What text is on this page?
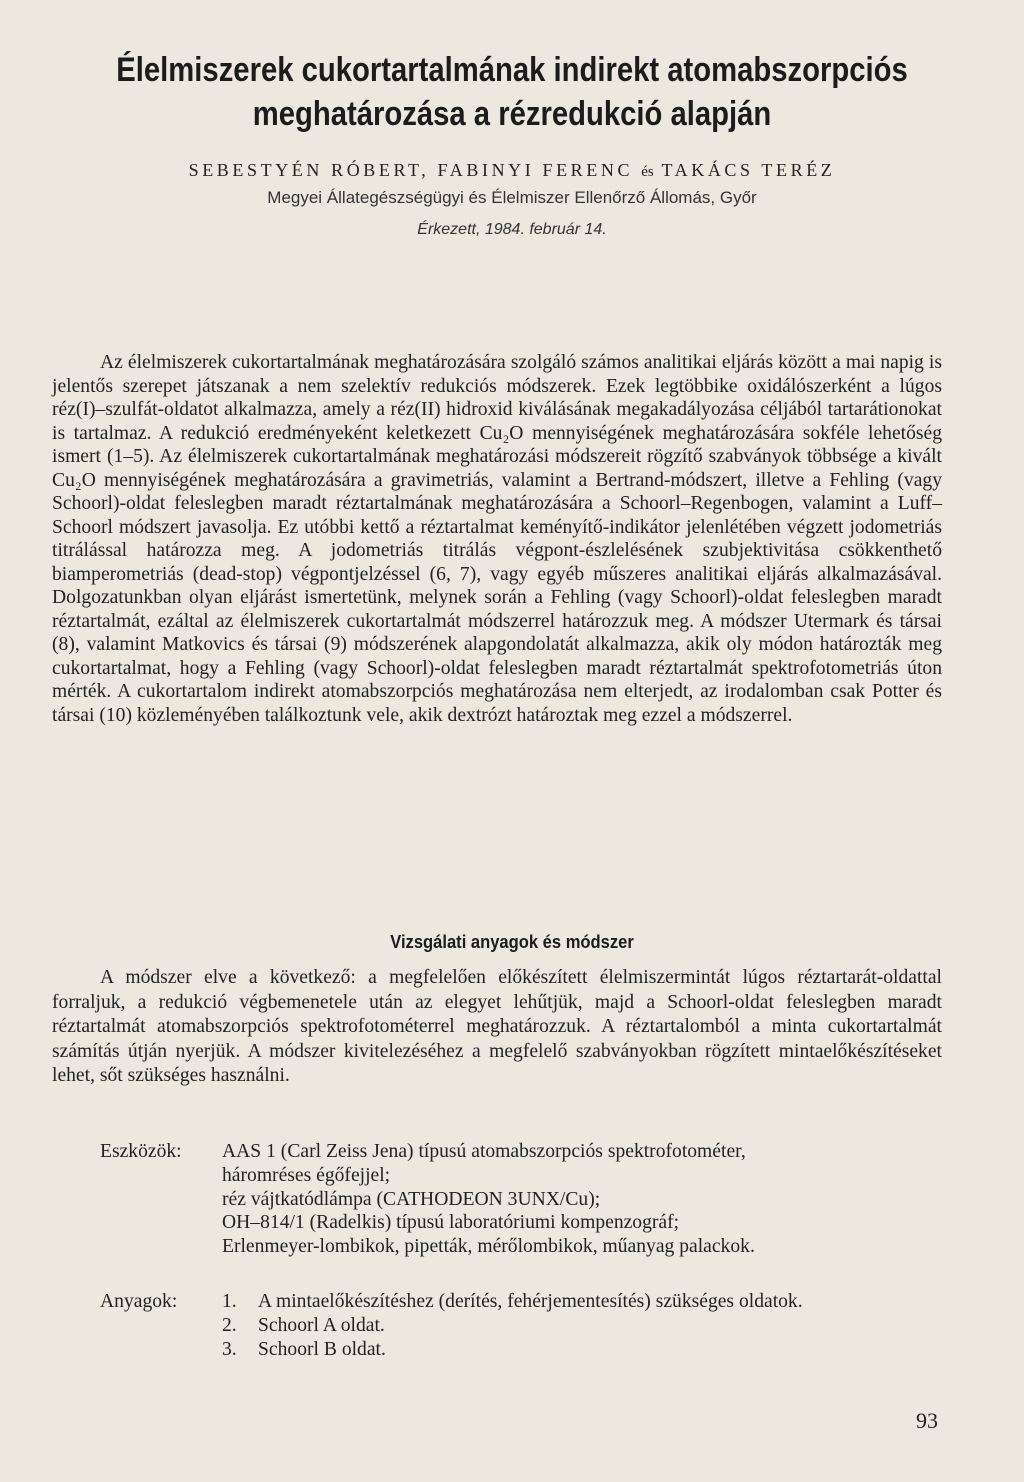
Élelmiszerek cukortartalmának indirekt atomabszorpciós
meghatározása a rézredukció alapján
SEBESTYÉN RÓBERT, FABINYI FERENC és TAKÁCS TERÉZ
Megyei Állategészségügyi és Élelmiszer Ellenőrző Állomás, Győr
Érkezett, 1984. február 14.

Az élelmiszerek cukortartalmának meghatározására szolgáló számos analitikai eljárás között a mai napig is jelentős szerepet játszanak a nem szelektív redukciós módszerek. Ezek legtöbbike oxidálószerként a lúgos réz(I)–szulfát-oldatot alkalmazza, amely a réz(II) hidroxid kiválásának megakadályozása céljából tartarátionokat is tartalmaz. A redukció eredményeként keletkezett Cu₂O mennyiségének meghatározására sokféle lehetőség ismert (1–5). Az élelmiszerek cukortartalmának meghatározási módszereit rögzítő szabványok többsége a kivált Cu₂O mennyiségének meghatározására a gravimetriás, valamint a Bertrand-módszert, illetve a Fehling (vagy Schoorl)-oldat feleslegben maradt réztartalmának meghatározására a Schoorl–Regenbogen, valamint a Luff–Schoorl módszert javasolja. Ez utóbbi kettő a réztartalmat keményítő-indikátor jelenlétében végzett jodometriás titrálással határozza meg. A jodometriás titrálás végpont-észlelésének szubjektivitása csökkenthető biamperometriás (dead-stop) végpontjelzéssel (6, 7), vagy egyéb műszeres analitikai eljárás alkalmazásával. Dolgozatunkban olyan eljárást ismertetünk, melynek során a Fehling (vagy Schoorl)-oldat feleslegben maradt réztartalmát, ezáltal az élelmiszerek cukortartalmát módszerrel határozzuk meg. A módszer Utermark és társai (8), valamint Matkovics és társai (9) módszerének alapgondolatát alkalmazza, akik oly módon határozták meg cukortartalmat, hogy a Fehling (vagy Schoorl)-oldat feleslegben maradt réztartalmát spektrofotometriás úton mérték. A cukortartalom indirekt atomabszorpciós meghatározása nem elterjedt, az irodalomban csak Potter és társai (10) közleményében találkoztunk vele, akik dextrózt határoztak meg ezzel a módszerrel.

Vizsgálati anyagok és módszer

A módszer elve a következő: a megfelelően előkészített élelmiszermintát lúgos réztartarát-oldattal forraljuk, a redukció végbemenetele után az elegyet lehűtjük, majd a Schoorl-oldat feleslegben maradt réztartalmát atomabszorpciós spektrofotométerrel meghatározzuk. A réztartalomból a minta cukortartalmát számítás útján nyerjük. A módszer kivitelezéséhez a megfelelő szabványokban rögzített mintaelőkészítéseket lehet, sőt szükséges használni.

Eszközök: AAS 1 (Carl Zeiss Jena) típusú atomabszorpciós spektrofotométer,
háromréses égőfejjel;
réz vájtkatódlámpa (CATHODEON 3UNX/Cu);
OH–814/1 (Radelkis) típusú laboratóriumi kompenzográf;
Erlenmeyer-lombikok, pipetták, mérőlombikok, műanyag palackok.
Anyagok: 1. A mintaelőkészítéshez (derítés, fehérjementesítés) szükséges oldatok.
2. Schoorl A oldat.
3. Schoorl B oldat.
93
